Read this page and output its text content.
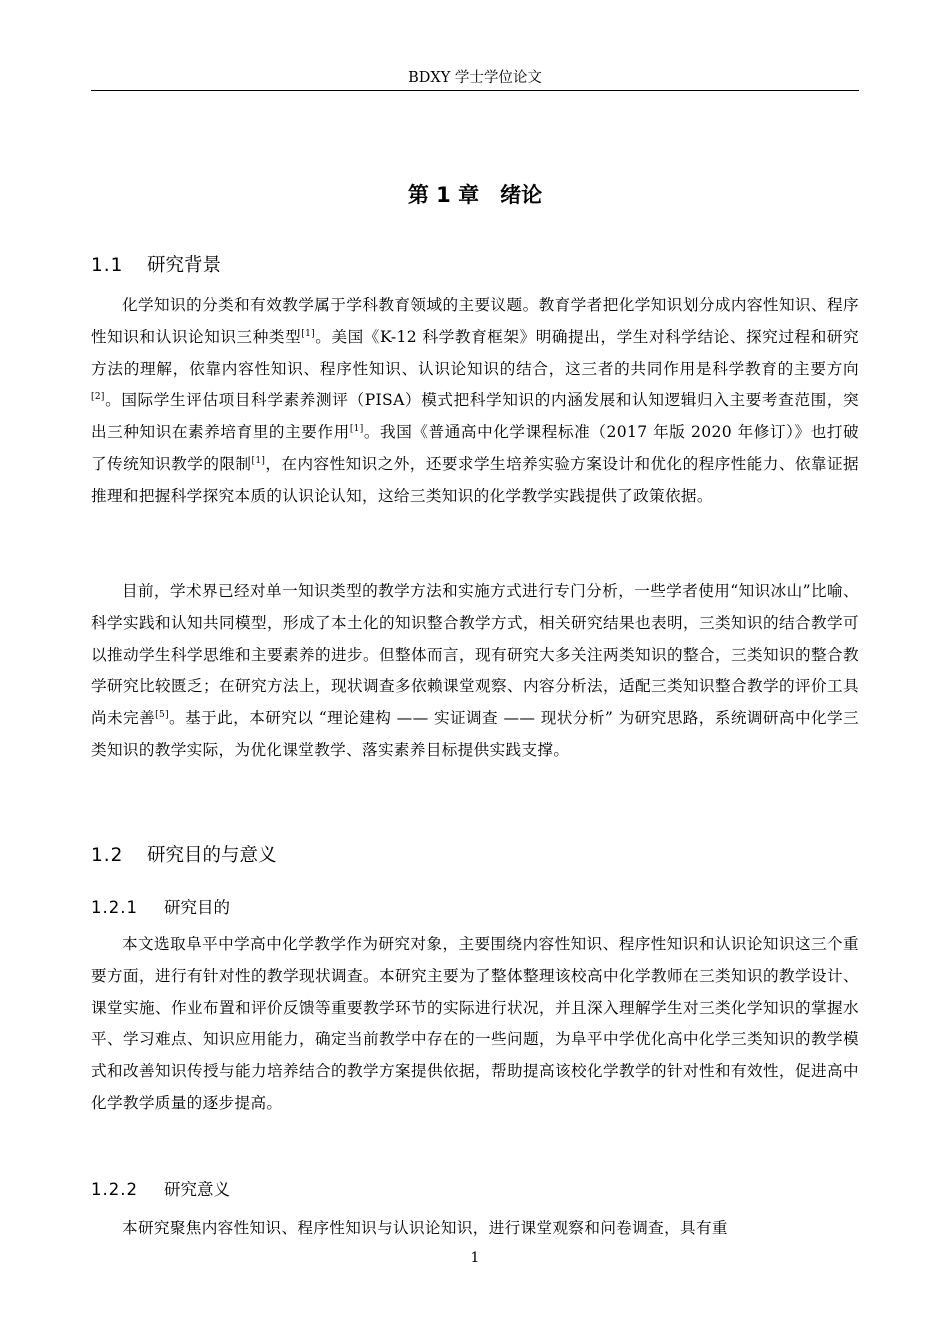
BDXY 学士学位论文
第 1 章　绪论
1.1 研究背景

化学知识的分类和有效教学属于学科教育领域的主要议题。教育学者把化学知识划分成内容性知识、程序性知识和认识论知识三种类型[1]。美国《K-12 科学教育框架》明确提出，学生对科学结论、探究过程和研究方法的理解，依靠内容性知识、程序性知识、认识论知识的结合，这三者的共同作用是科学教育的主要方向[2]。国际学生评估项目科学素养测评（PISA）模式把科学知识的内涵发展和认知逻辑归入主要考查范围，突出三种知识在素养培育里的主要作用[1]。我国《普通高中化学课程标准（2017 年版 2020 年修订）》也打破了传统知识教学的限制[1]，在内容性知识之外，还要求学生培养实验方案设计和优化的程序性能力、依靠证据推理和把握科学探究本质的认识论认知，这给三类知识的化学教学实践提供了政策依据。

目前，学术界已经对单一知识类型的教学方法和实施方式进行专门分析，一些学者使用“知识冰山”比喻、科学实践和认知共同模型，形成了本土化的知识整合教学方式，相关研究结果也表明，三类知识的结合教学可以推动学生科学思维和主要素养的进步。但整体而言，现有研究大多关注两类知识的整合，三类知识的整合教学研究比较匮乏；在研究方法上，现状调查多依赖课堂观察、内容分析法，适配三类知识整合教学的评价工具尚未完善[5]。基于此，本研究以 “理论建构 —— 实证调查 —— 现状分析” 为研究思路，系统调研高中化学三类知识的教学实际，为优化课堂教学、落实素养目标提供实践支撑。

1.2 研究目的与意义
1.2.1 研究目的

本文选取阜平中学高中化学教学作为研究对象，主要围绕内容性知识、程序性知识和认识论知识这三个重要方面，进行有针对性的教学现状调查。本研究主要为了整体整理该校高中化学教师在三类知识的教学设计、课堂实施、作业布置和评价反馈等重要教学环节的实际进行状况，并且深入理解学生对三类化学知识的掌握水平、学习难点、知识应用能力，确定当前教学中存在的一些问题，为阜平中学优化高中化学三类知识的教学模式和改善知识传授与能力培养结合的教学方案提供依据，帮助提高该校化学教学的针对性和有效性，促进高中化学教学质量的逐步提高。

1.2.2 研究意义

本研究聚焦内容性知识、程序性知识与认识论知识，进行课堂观察和问卷调查，具有重

1
